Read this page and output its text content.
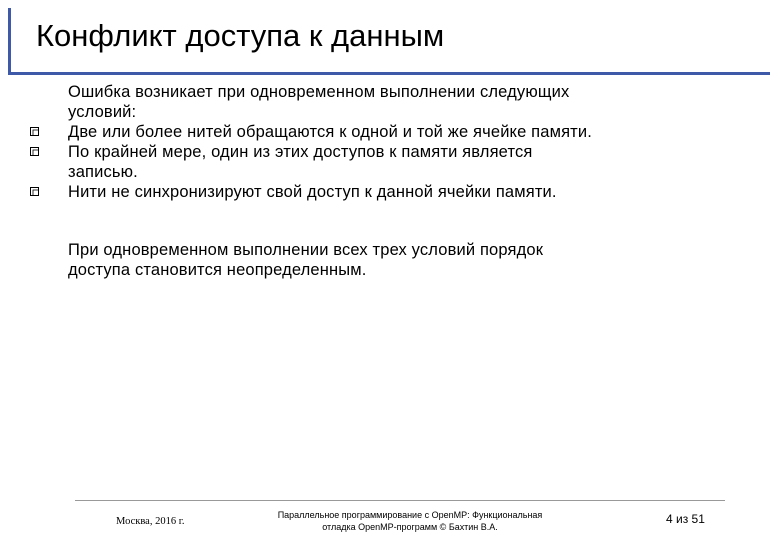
Конфликт доступа к данным
Ошибка возникает при одновременном выполнении следующих
условий:
Две или более нитей обращаются к одной и той же ячейке памяти.
По крайней мере, один из этих доступов к памяти является
записью.
Нити не синхронизируют свой доступ к данной ячейки памяти.
При одновременном выполнении всех трех условий порядок
доступа становится неопределенным.
Москва, 2016 г.
Параллельное программирование с OpenMP: Функциональная
отладка OpenMP-программ © Бахтин В.А.
4 из 51
